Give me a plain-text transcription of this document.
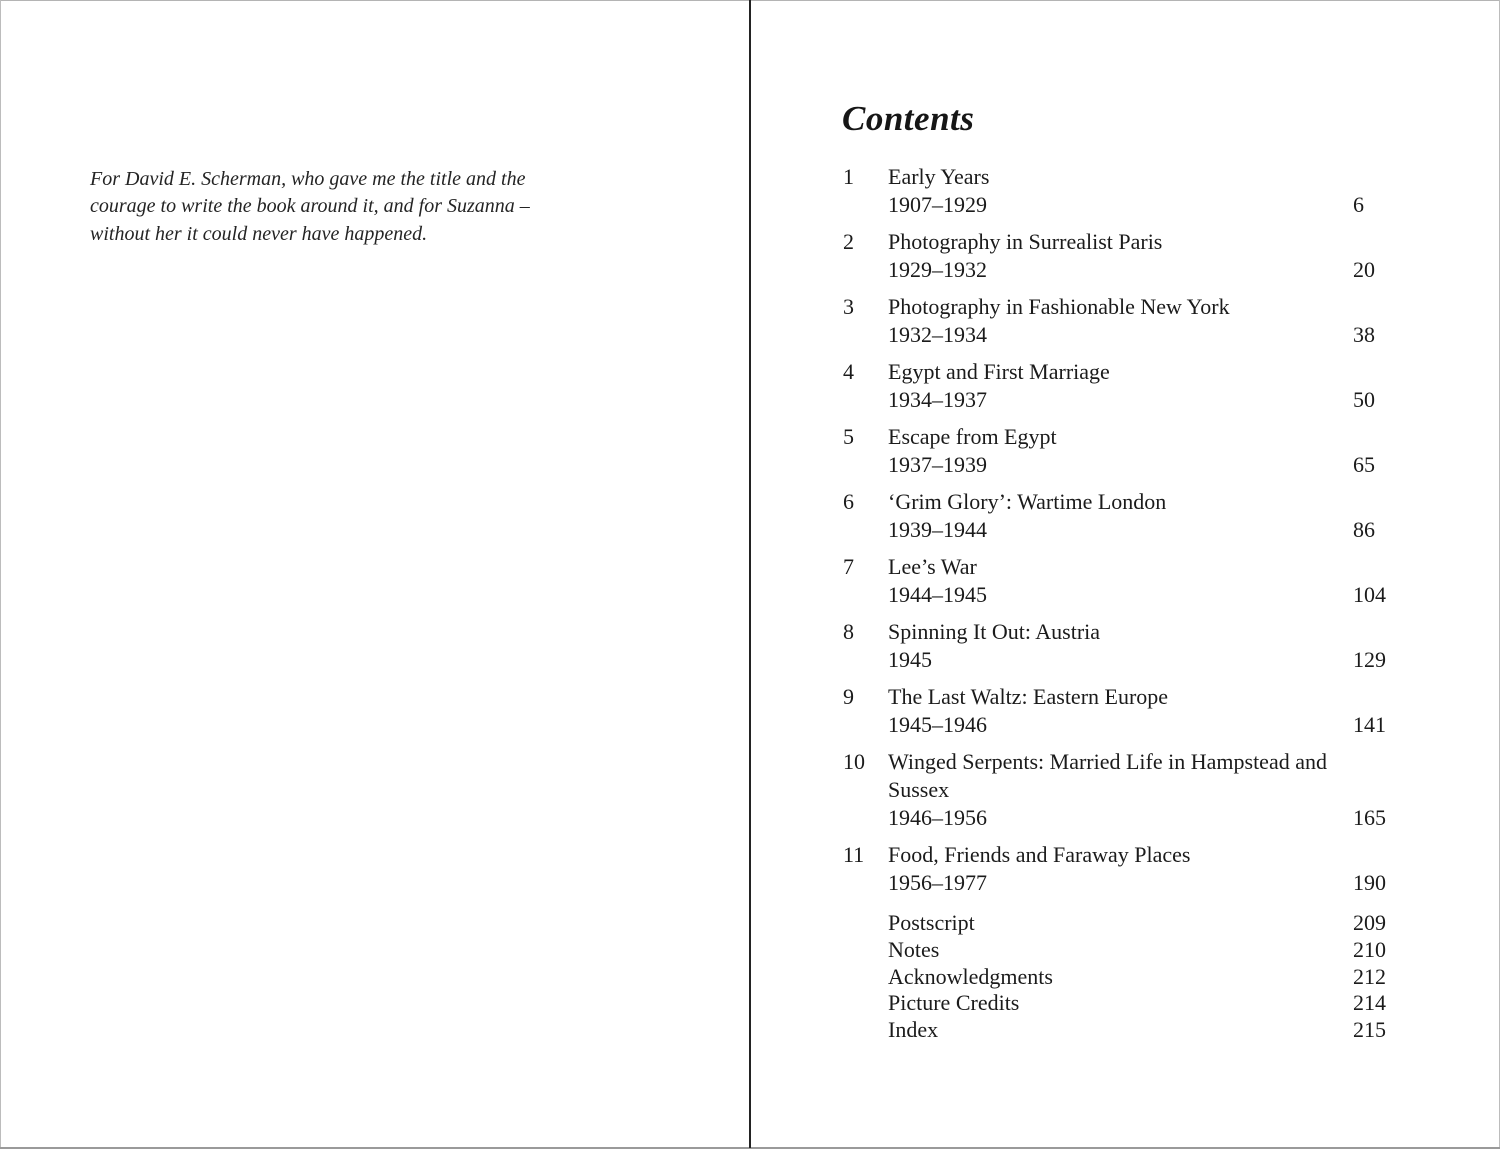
For David E. Scherman, who gave me the title and the
courage to write the book around it, and for Suzanna –
without her it could never have happened.
Contents
1	Early Years
1907–1929	6
2	Photography in Surrealist Paris
1929–1932	20
3	Photography in Fashionable New York
1932–1934	38
4	Egypt and First Marriage
1934–1937	50
5	Escape from Egypt
1937–1939	65
6	‘Grim Glory’: Wartime London
1939–1944	86
7	Lee’s War
1944–1945	104
8	Spinning It Out: Austria
1945	129
9	The Last Waltz: Eastern Europe
1945–1946	141
10	Winged Serpents: Married Life in Hampstead and Sussex
1946–1956	165
11	Food, Friends and Faraway Places
1956–1977	190
Postscript	209
Notes	210
Acknowledgments	212
Picture Credits	214
Index	215
